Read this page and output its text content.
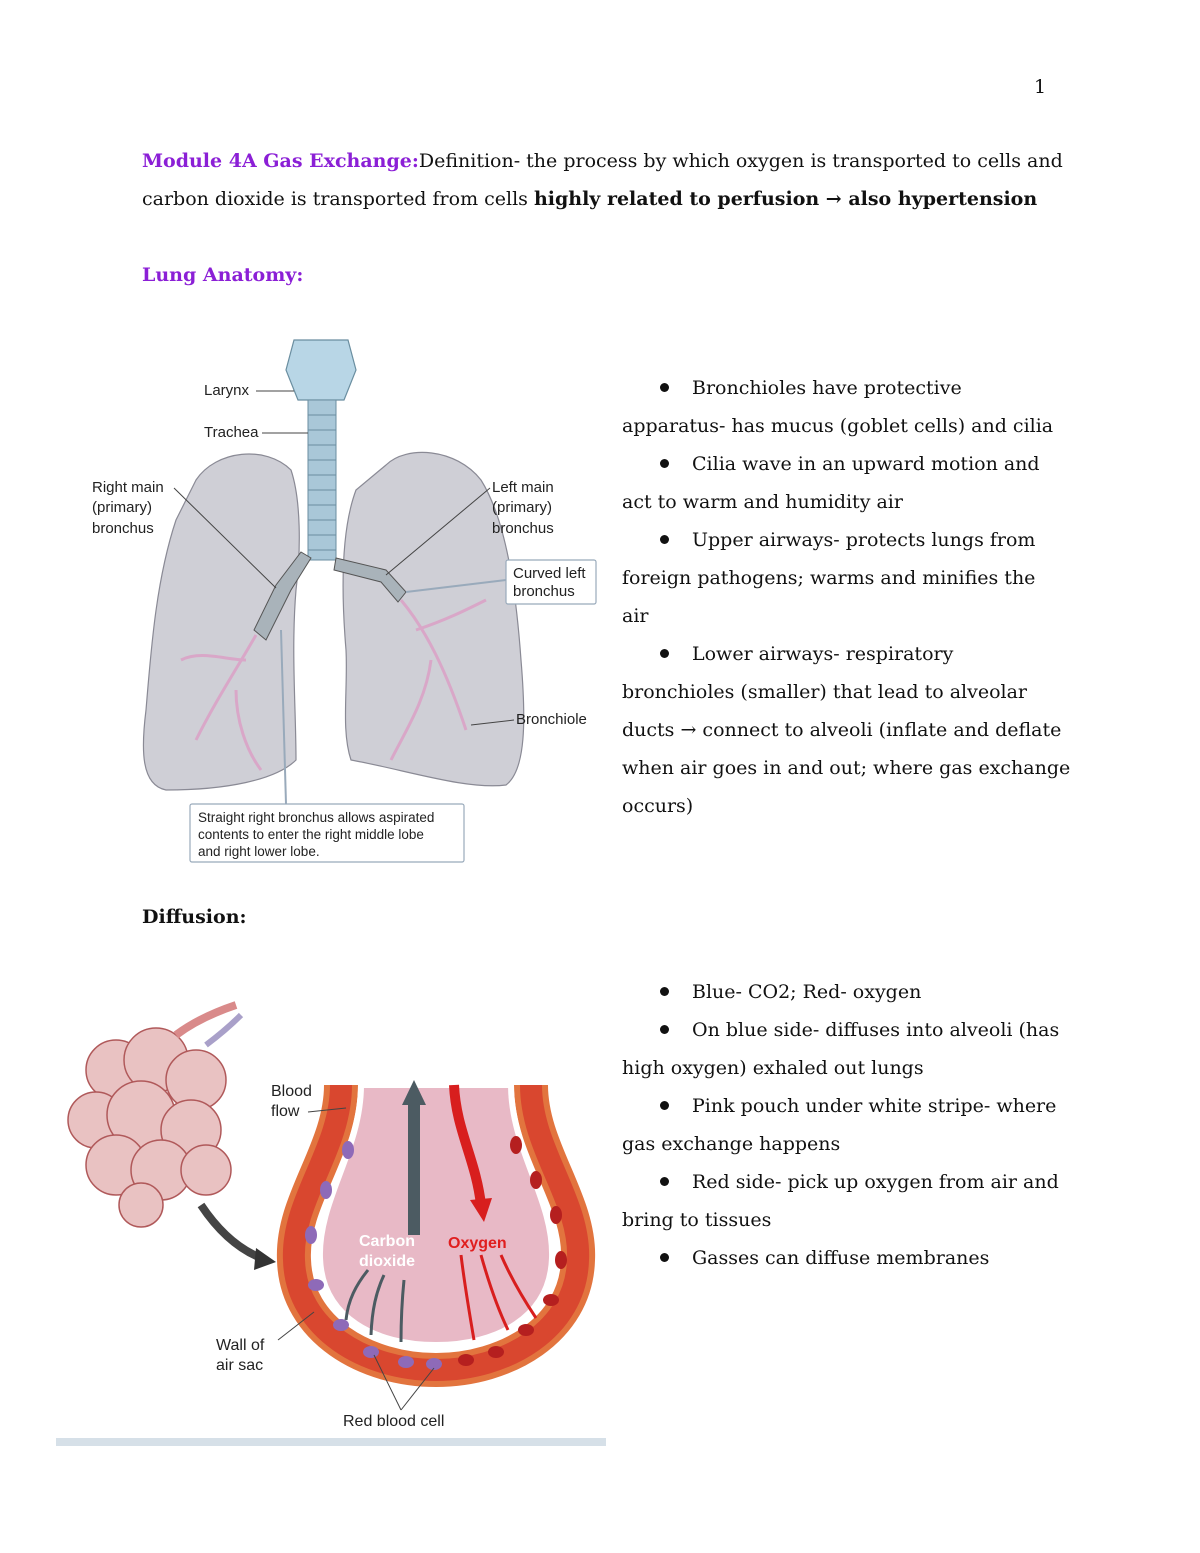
1
Module 4A Gas Exchange:Definition- the process by which oxygen is transported to cells and
carbon dioxide is transported from cells highly related to perfusion → also hypertension
Lung Anatomy:
Larynx
Trachea
Right main
(primary)
bronchus
Left main
(primary)
bronchus
Curved left
bronchus
Bronchiole
Straight right bronchus allows aspirated
contents to enter the right middle lobe
and right lower lobe.
Bronchioles have protective
apparatus- has mucus (goblet cells) and cilia
Cilia wave in an upward motion and
act to warm and humidity air
Upper airways- protects lungs from
foreign pathogens; warms and minifies the
air
Lower airways- respiratory
bronchioles (smaller) that lead to alveolar
ducts → connect to alveoli (inflate and deflate
when air goes in and out; where gas exchange
occurs)
Diffusion:
Blood
flow
Carbon
dioxide
Oxygen
Wall of
air sac
Red blood cell
Blue- CO2; Red- oxygen
On blue side- diffuses into alveoli (has
high oxygen) exhaled out lungs
Pink pouch under white stripe- where
gas exchange happens
Red side- pick up oxygen from air and
bring to tissues
Gasses can diffuse membranes
